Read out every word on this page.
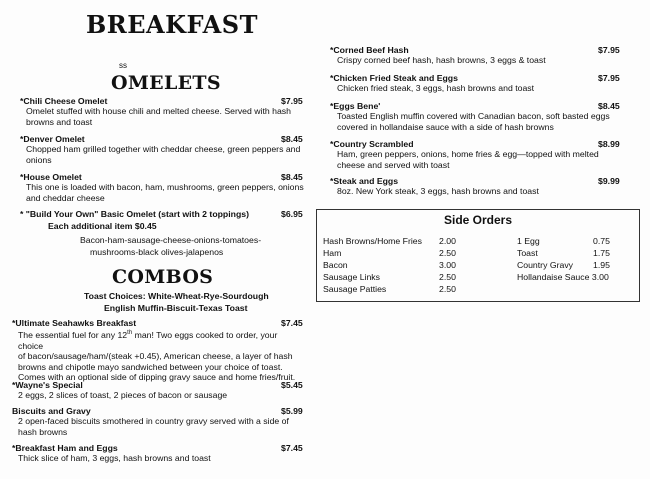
BREAKFAST
ss
OMELETS
*Chili Cheese Omelet	$7.95
Omelet stuffed with house chili and melted cheese. Served with hash
browns and toast
*Denver Omelet	$8.45
Chopped ham grilled together with cheddar cheese, green peppers and
onions
*House Omelet	$8.45
This one is loaded with bacon, ham, mushrooms, green peppers, onions
and cheddar cheese
* "Build Your Own" Basic Omelet (start with 2 toppings)	$6.95
Each additional item $0.45
Bacon-ham-sausage-cheese-onions-tomatoes-
mushrooms-black olives-jalapenos
COMBOS
Toast Choices: White-Wheat-Rye-Sourdough
English Muffin-Biscuit-Texas Toast
*Ultimate Seahawks Breakfast	$7.45
The essential fuel for any 12th man! Two eggs cooked to order, your choice
of bacon/sausage/ham/(steak +0.45), American cheese, a layer of hash
browns and chipotle mayo sandwiched between your choice of toast.
Comes with an optional side of dipping gravy sauce and home fries/fruit.
*Wayne's Special	$5.45
2 eggs, 2 slices of toast, 2 pieces of bacon or sausage
Biscuits and Gravy	$5.99
2 open-faced biscuits smothered in country gravy served with a side of
hash browns
*Breakfast Ham and Eggs	$7.45
Thick slice of ham, 3 eggs, hash browns and toast
*Corned Beef Hash	$7.95
Crispy corned beef hash, hash browns, 3 eggs & toast
*Chicken Fried Steak and Eggs	$7.95
Chicken fried steak, 3 eggs, hash browns and toast
*Eggs Bene'	$8.45
Toasted English muffin covered with Canadian bacon, soft basted eggs
covered in hollandaise sauce with a side of hash browns
*Country Scrambled	$8.99
Ham, green peppers, onions, home fries & egg—topped with melted
cheese and served with toast
*Steak and Eggs	$9.99
8oz. New York steak, 3 eggs, hash browns and toast
Side Orders
Hash Browns/Home Fries 2.00
Ham	2.50
Bacon	3.00
Sausage Links	2.50
Sausage Patties	2.50
1 Egg	0.75
Toast	1.75
Country Gravy 1.95
Hollandaise Sauce 3.00
